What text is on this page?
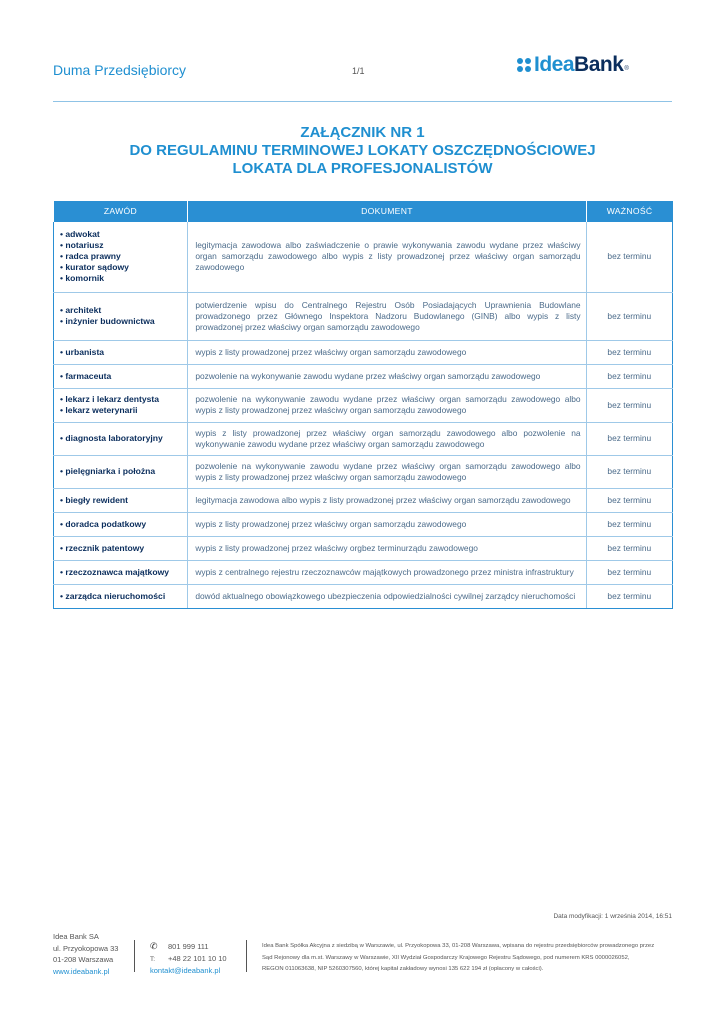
Duma Przedsiębiorcy	1/1	IdeaBank ®
ZAŁĄCZNIK NR 1
DO REGULAMINU TERMINOWEJ LOKATY OSZCZĘDNOŚCIOWEJ
LOKATA DLA PROFESJONALISTÓW
ZAWÓD	DOKUMENT	WAŻNOŚĆ

• adwokat
• notariusz
• radca prawny
• kurator sądowy
• komornik	legitymacja zawodowa albo zaświadczenie o prawie wykonywania zawodu wydane przez właściwy organ samorządu zawodowego albo wypis z listy prowadzonej przez właściwy organ samorządu zawodowego	bez terminu

• architekt
• inżynier budownictwa	potwierdzenie wpisu do Centralnego Rejestru Osób Posiadających Uprawnienia Budowlane prowadzonego przez Głównego Inspektora Nadzoru Budowlanego (GINB) albo wypis z listy prowadzonej przez właściwy organ samorządu zawodowego	bez terminu

• urbanista	wypis z listy prowadzonej przez właściwy organ samorządu zawodowego	bez terminu

• farmaceuta	pozwolenie na wykonywanie zawodu wydane przez właściwy organ samorządu zawodowego	bez terminu

• lekarz i lekarz dentysta
• lekarz weterynarii	pozwolenie na wykonywanie zawodu wydane przez właściwy organ samorządu zawodowego albo wypis z listy prowadzonej przez właściwy organ samorządu zawodowego	bez terminu

• diagnosta laboratoryjny	wypis z listy prowadzonej przez właściwy organ samorządu zawodowego albo pozwolenie na wykonywanie zawodu wydane przez właściwy organ samorządu zawodowego	bez terminu

• pielęgniarka i położna	pozwolenie na wykonywanie zawodu wydane przez właściwy organ samorządu zawodowego albo wypis z listy prowadzonej przez właściwy organ samorządu zawodowego	bez terminu

• biegły rewident	legitymacja zawodowa albo wypis z listy prowadzonej przez właściwy organ samorządu zawodowego	bez terminu

• doradca podatkowy	wypis z listy prowadzonej przez właściwy organ samorządu zawodowego	bez terminu

• rzecznik patentowy	wypis z listy prowadzonej przez właściwy orgbez terminurządu zawodowego	bez terminu

• rzeczoznawca majątkowy	wypis z centralnego rejestru rzeczoznawców majątkowych prowadzonego przez ministra infrastruktury	bez terminu

• zarządca nieruchomości	dowód aktualnego obowiązkowego ubezpieczenia odpowiedzialności cywilnej zarządcy nieruchomości	bez terminu
Data modyfikacji: 1 września 2014, 16:51
Idea Bank SA
ul. Przyokopowa 33
01-208 Warszawa
www.ideabank.pl
✆ 801 999 111
T: +48 22 101 10 10
kontakt@ideabank.pl
Idea Bank Spółka Akcyjna z siedzibą w Warszawie, ul. Przyokopowa 33, 01-208 Warszawa, wpisana do rejestru przedsiębiorców prowadzonego przez
Sąd Rejonowy dla m.st. Warszawy w Warszawie, XII Wydział Gospodarczy Krajowego Rejestru Sądowego, pod numerem KRS 0000026052,
REGON 011063638, NIP 5260307560, której kapitał zakładowy wynosi 135 622 194 zł (opłacony w całości).
